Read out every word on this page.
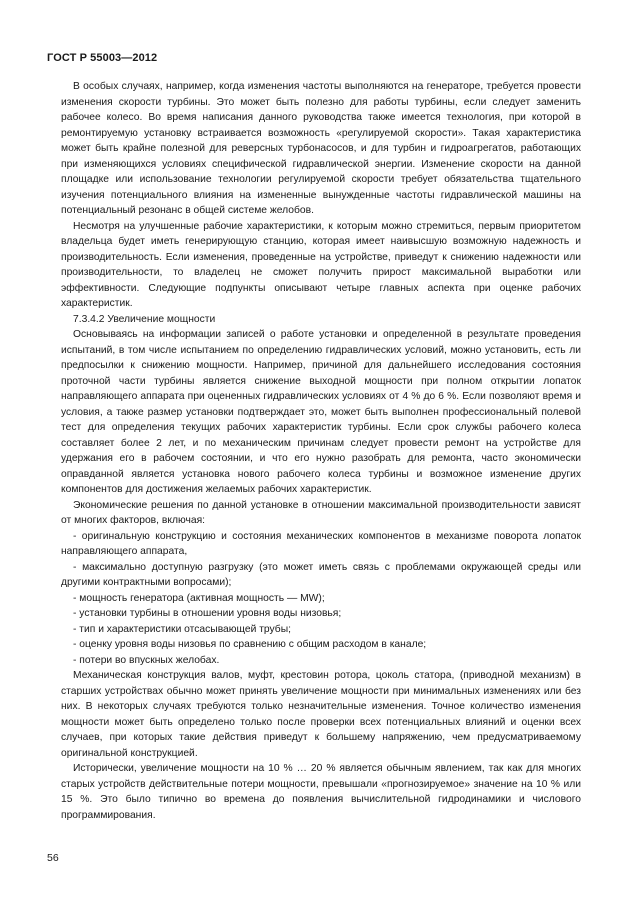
ГОСТ Р 55003—2012

В особых случаях, например, когда изменения частоты выполняются на генераторе, требуется провести изменения скорости турбины. Это может быть полезно для работы турбины, если следует заменить рабочее колесо. Во время написания данного руководства также имеется технология, при которой в ремонтируемую установку встраивается возможность «регулируемой скорости». Такая характеристика может быть крайне полезной для реверсных турбонасосов, и для турбин и гидроагрегатов, работающих при изменяющихся условиях специфической гидравлической энергии. Изменение скорости на данной площадке или использование технологии регулируемой скорости требует обязательства тщательного изучения потенциального влияния на измененные вынужденные частоты гидравлической машины на потенциальный резонанс в общей системе желобов.

Несмотря на улучшенные рабочие характеристики, к которым можно стремиться, первым приоритетом владельца будет иметь генерирующую станцию, которая имеет наивысшую возможную надежность и производительность. Если изменения, проведенные на устройстве, приведут к снижению надежности или производительности, то владелец не сможет получить прирост максимальной выработки или эффективности. Следующие подпункты описывают четыре главных аспекта при оценке рабочих характеристик.

7.3.4.2 Увеличение мощности

Основываясь на информации записей о работе установки и определенной в результате проведения испытаний, в том числе испытанием по определению гидравлических условий, можно установить, есть ли предпосылки к снижению мощности. Например, причиной для дальнейшего исследования состояния проточной части турбины является снижение выходной мощности при полном открытии лопаток направляющего аппарата при оцененных гидравлических условиях от 4 % до 6 %. Если позволяют время и условия, а также размер установки подтверждает это, может быть выполнен профессиональный полевой тест для определения текущих рабочих характеристик турбины. Если срок службы рабочего колеса составляет более 2 лет, и по механическим причинам следует провести ремонт на устройстве для удержания его в рабочем состоянии, и что его нужно разобрать для ремонта, часто экономически оправданной является установка нового рабочего колеса турбины и возможное изменение других компонентов для достижения желаемых рабочих характеристик.

Экономические решения по данной установке в отношении максимальной производительности зависят от многих факторов, включая:

- оригинальную конструкцию и состояния механических компонентов в механизме поворота лопаток направляющего аппарата,

- максимально доступную разгрузку (это может иметь связь с проблемами окружающей среды или другими контрактными вопросами);

- мощность генератора (активная мощность — MW);

- установки турбины в отношении уровня воды низовья;

- тип и характеристики отсасывающей трубы;

- оценку уровня воды низовья по сравнению с общим расходом в канале;

- потери во впускных желобах.

Механическая конструкция валов, муфт, крестовин ротора, цоколь статора, (приводной механизм) в старших устройствах обычно может принять увеличение мощности при минимальных изменениях или без них. В некоторых случаях требуются только незначительные изменения. Точное количество изменения мощности может быть определено только после проверки всех потенциальных влияний и оценки всех случаев, при которых такие действия приведут к большему напряжению, чем предусматриваемому оригинальной конструкцией.

Исторически, увеличение мощности на 10 % … 20 % является обычным явлением, так как для многих старых устройств действительные потери мощности, превышали «прогнозируемое» значение на 10 % или 15 %. Это было типично во времена до появления вычислительной гидродинамики и числового программирования.

56
